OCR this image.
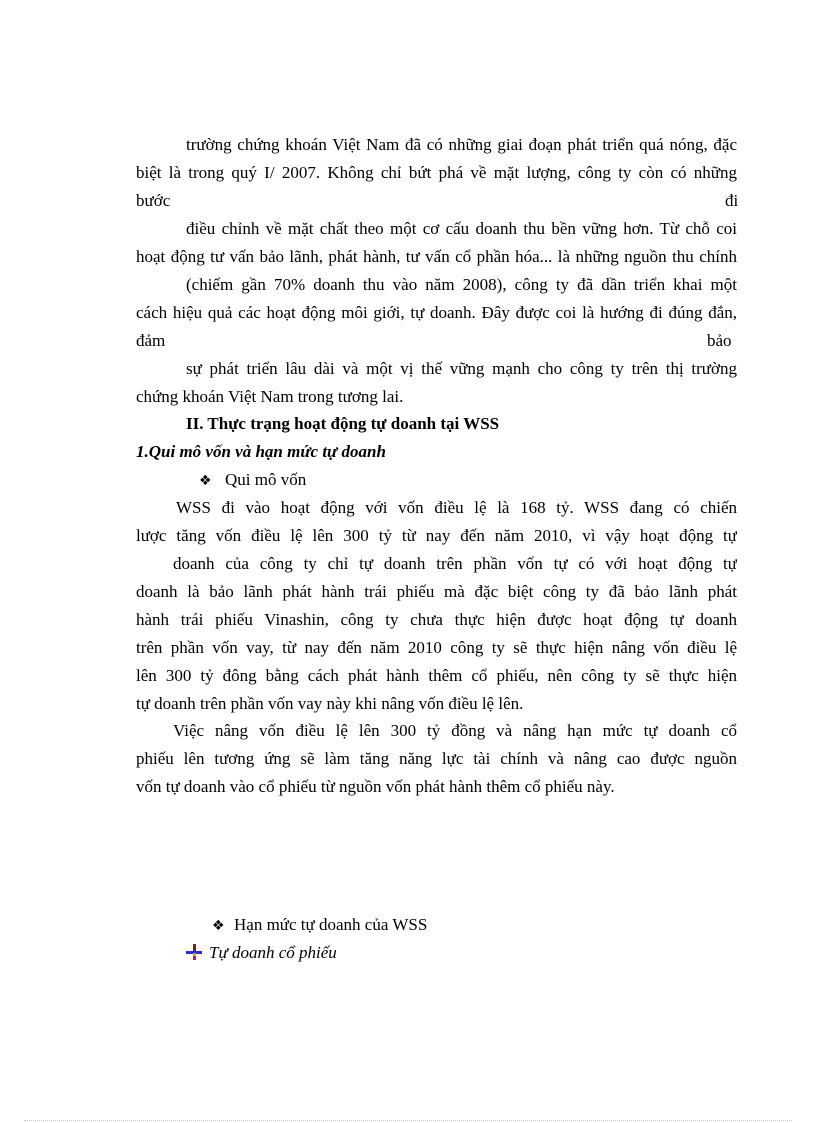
trường chứng khoán Việt Nam đã có những giai đoạn phát triển quá nóng, đặc
biệt là trong quý I/ 2007. Không chỉ bứt phá về mặt lượng, công ty còn có những
bước	đi
điều chỉnh về mặt chất theo một cơ cấu doanh thu bền vững hơn. Từ chỗ coi
hoạt động tư vấn bảo lãnh, phát hành, tư vấn cổ phần hóa... là những nguồn thu chính
(chiếm gần 70% doanh thu vào năm 2008), công ty đã dần triển khai một
cách hiệu quả các hoạt động môi giới, tự doanh. Đây được coi là hướng đi đúng đắn,
đảm	bảo
sự phát triển lâu dài và một vị thế vững mạnh cho công ty trên thị trường
chứng khoán Việt Nam trong tương lai.
II. Thực trạng hoạt động tự doanh tại WSS
1.Qui mô vốn và hạn mức tự doanh
❖ Qui mô vốn
WSS đi vào hoạt động với vốn điều lệ là 168 tỷ. WSS đang có chiến
lược tăng vốn điều lệ lên 300 tỷ từ nay đến năm 2010, vì vậy hoạt động tự
doanh của công ty chỉ tự doanh trên phần vốn tự có với hoạt động tự
doanh là bảo lãnh phát hành trái phiếu mà đặc biệt công ty đã bảo lãnh phát
hành trái phiếu Vinashin, công ty chưa thực hiện được hoạt động tự doanh
trên phần vốn vay, từ nay đến năm 2010 công ty sẽ thực hiện nâng vốn điều lệ
lên 300 tỷ đông bằng cách phát hành thêm cổ phiếu, nên công ty sẽ thực hiện
tự doanh trên phần vốn vay này khi nâng vốn điều lệ lên.
Việc nâng vốn điều lệ lên 300 tỷ đồng và nâng hạn mức tự doanh cổ
phiếu lên tương ứng sẽ làm tăng năng lực tài chính và nâng cao được nguồn
vốn tự doanh vào cổ phiếu từ nguồn vốn phát hành thêm cổ phiếu này.
❖ Hạn mức tự doanh của WSS
Tự doanh cổ phiếu
